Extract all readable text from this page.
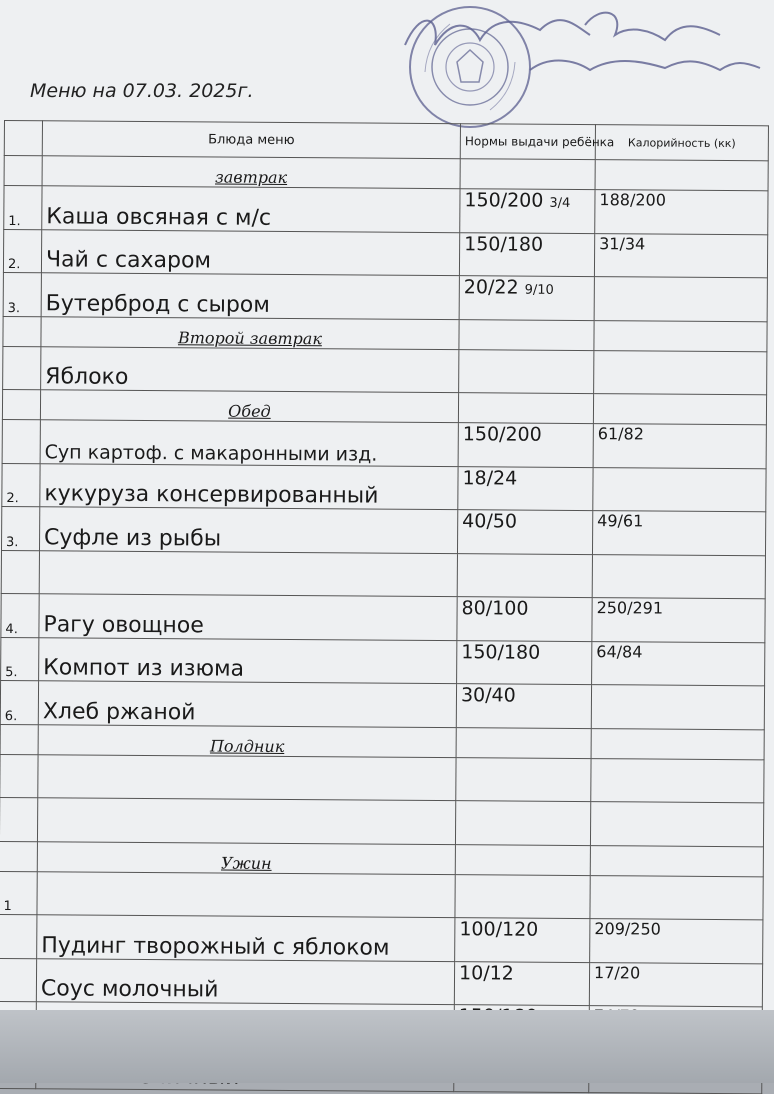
Меню на 07.03. 2025г.
	Блюда меню	Нормы выдачи ребёнка	Калорийность (кк)

	завтрак		
1.	Каша овсяная с м/с	150/200 3/4	188/200
2.	Чай с сахаром	150/180	31/34
3.	Бутерброд с сыром	20/22 9/10	
	Второй завтрак		
	Яблоко		
	Обед		
	Суп картоф. с макаронными изд.	150/200	61/82
2.	кукуруза консервированный	18/24	
3.	Суфле из рыбы	40/50	49/61

4.	Рагу овощное	80/100	250/291
5.	Компот из изюма	150/180	64/84
6.	Хлеб ржаной	30/40	
	Полдник		

	Ужин		
1			
	Пудинг творожный с яблоком	100/120	209/250
	Соус молочный	10/12	17/20
